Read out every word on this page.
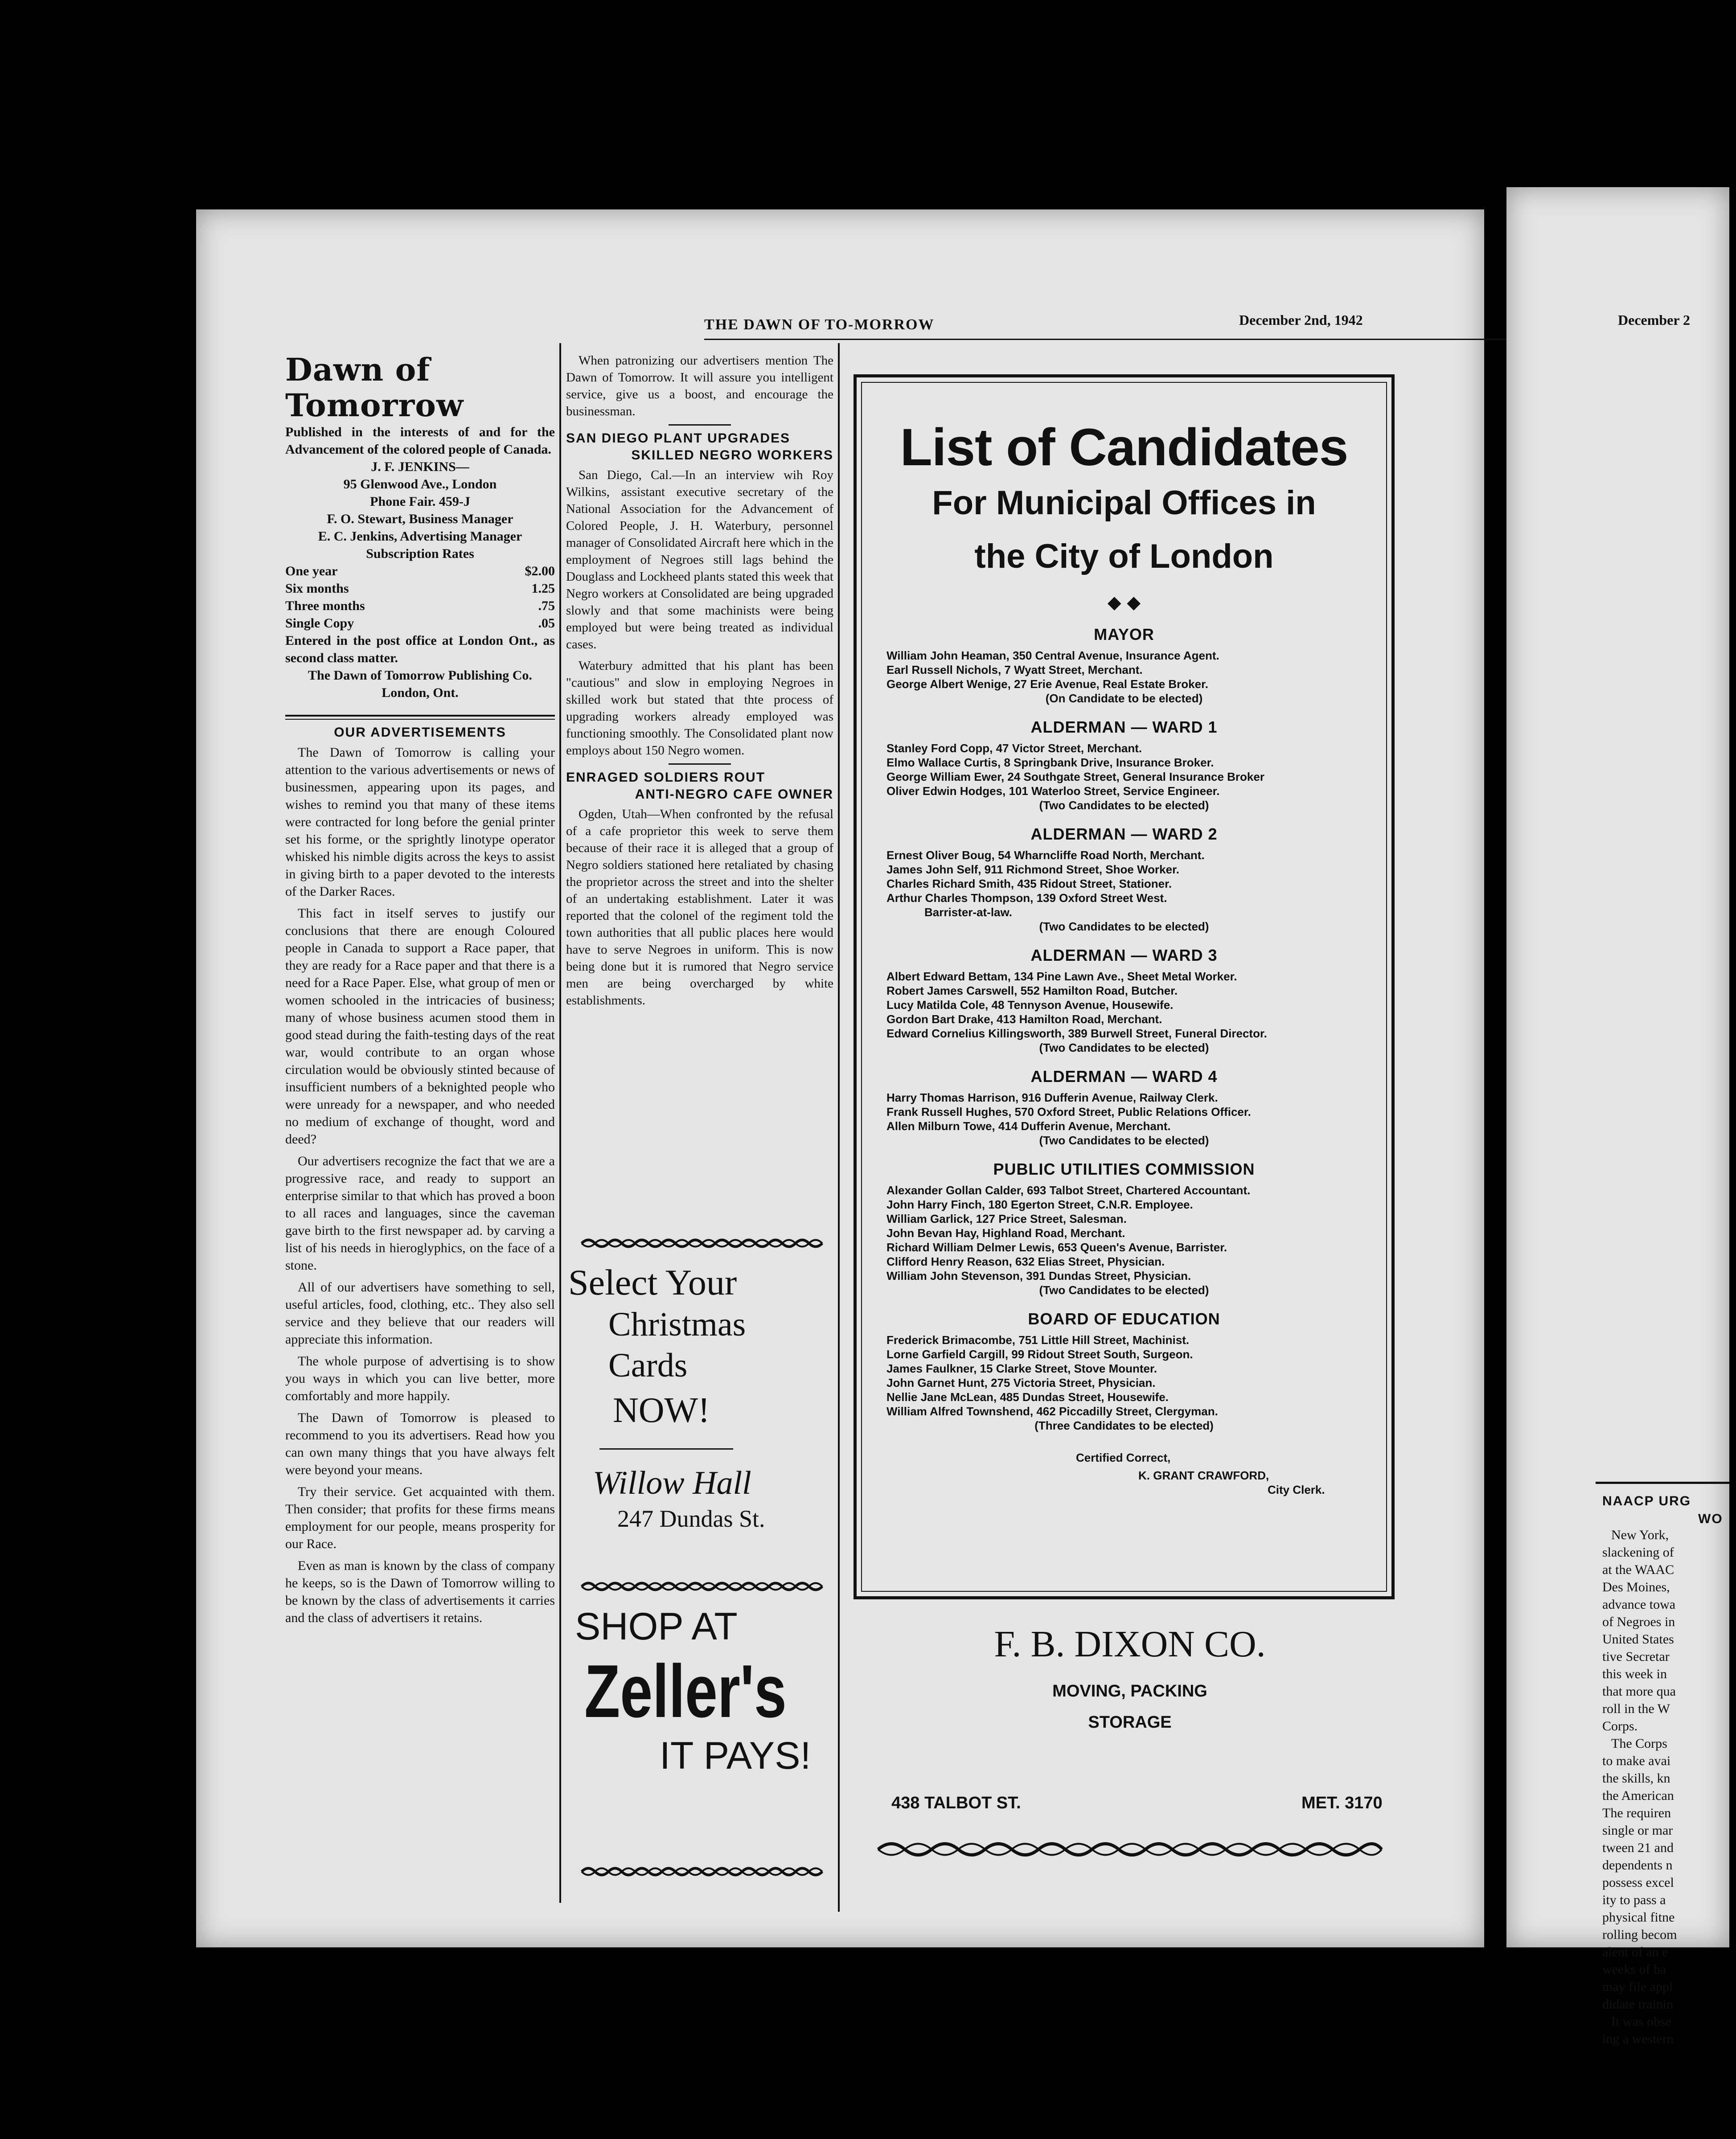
THE DAWN OF TO-MORROW	December 2nd, 1942
Dawn of Tomorrow

Published in the interests of and for the Advancement of the colored people of Canada.

J. F. JENKINS—

95 Glenwood Ave., London

Phone Fair. 459-J

F. O. Stewart, Business Manager

E. C. Jenkins, Advertising Manager

Subscription Rates

One year	$2.00
Six months	1.25
Three months	.75
Single Copy	.05

Entered in the post office at London Ont., as second class matter.

The Dawn of Tomorrow Publishing Co.

London, Ont.

OUR ADVERTISEMENTS

The Dawn of Tomorrow is calling your attention to the various advertisements or news of businessmen, appearing upon its pages, and wishes to remind you that many of these items were contracted for long before the genial printer set his forme, or the sprightly linotype operator whisked his nimble digits across the keys to assist in giving birth to a paper devoted to the interests of the Darker Races.

This fact in itself serves to justify our conclusions that there are enough Coloured people in Canada to support a Race paper, that they are ready for a Race paper and that there is a need for a Race Paper. Else, what group of men or women schooled in the intricacies of business; many of whose business acumen stood them in good stead during the faith-testing days of the reat war, would contribute to an organ whose circulation would be obviously stinted because of insufficient numbers of a beknighted people who were unready for a newspaper, and who needed no medium of exchange of thought, word and deed?

Our advertisers recognize the fact that we are a progressive race, and ready to support an enterprise similar to that which has proved a boon to all races and languages, since the caveman gave birth to the first newspaper ad. by carving a list of his needs in hieroglyphics, on the face of a stone.

All of our advertisers have something to sell, useful articles, food, clothing, etc.. They also sell service and they believe that our readers will appreciate this information.

The whole purpose of advertising is to show you ways in which you can live better, more comfortably and more happily.

The Dawn of Tomorrow is pleased to recommend to you its advertisers. Read how you can own many things that you have always felt were beyond your means.

Try their service. Get acquainted with them. Then consider; that profits for these firms means employment for our people, means prosperity for our Race.

Even as man is known by the class of company he keeps, so is the Dawn of Tomorrow willing to be known by the class of advertisements it carries and the class of advertisers it retains.

When patronizing our advertisers mention The Dawn of Tomorrow. It will assure you intelligent service, give us a boost, and encourage the businessman.

SAN DIEGO PLANT UPGRADES
SKILLED NEGRO WORKERS

San Diego, Cal.—In an interview wih Roy Wilkins, assistant executive secretary of the National Association for the Advancement of Colored People, J. H. Waterbury, personnel manager of Consolidated Aircraft here which in the employment of Negroes still lags behind the Douglass and Lockheed plants stated this week that Negro workers at Consolidated are being upgraded slowly and that some machinists were being employed but were being treated as individual cases.

Waterbury admitted that his plant has been "cautious" and slow in employing Negroes in skilled work but stated that thte process of upgrading workers already employed was functioning smoothly. The Consolidated plant now employs about 150 Negro women.

ENRAGED SOLDIERS ROUT
ANTI-NEGRO CAFE OWNER

Ogden, Utah—When confronted by the refusal of a cafe proprietor this week to serve them because of their race it is alleged that a group of Negro soldiers stationed here retaliated by chasing the proprietor across the street and into the shelter of an undertaking establishment. Later it was reported that the colonel of the regiment told the town authorities that all public places here would have to serve Negroes in uniform. This is now being done but it is rumored that Negro service men are being overcharged by white establishments.

Select Your
Christmas
Cards
NOW!
Willow Hall
247 Dundas St.
SHOP AT
Zeller's
IT PAYS!
F. B. DIXON CO.
MOVING, PACKING
STORAGE
438 TALBOT ST.	MET. 3170
List of Candidates
For Municipal Offices in
the City of London
◆ ◆
MAYOR
William John Heaman, 350 Central Avenue, Insurance Agent.
Earl Russell Nichols, 7 Wyatt Street, Merchant.
George Albert Wenige, 27 Erie Avenue, Real Estate Broker.
(On Candidate to be elected)
ALDERMAN — WARD 1
Stanley Ford Copp, 47 Victor Street, Merchant.
Elmo Wallace Curtis, 8 Springbank Drive, Insurance Broker.
George William Ewer, 24 Southgate Street, General Insurance Broker
Oliver Edwin Hodges, 101 Waterloo Street, Service Engineer.
(Two Candidates to be elected)
ALDERMAN — WARD 2
Ernest Oliver Boug, 54 Wharncliffe Road North, Merchant.
James John Self, 911 Richmond Street, Shoe Worker.
Charles Richard Smith, 435 Ridout Street, Stationer.
Arthur Charles Thompson, 139 Oxford Street West.
Barrister-at-law.
(Two Candidates to be elected)
ALDERMAN — WARD 3
Albert Edward Bettam, 134 Pine Lawn Ave., Sheet Metal Worker.
Robert James Carswell, 552 Hamilton Road, Butcher.
Lucy Matilda Cole, 48 Tennyson Avenue, Housewife.
Gordon Bart Drake, 413 Hamilton Road, Merchant.
Edward Cornelius Killingsworth, 389 Burwell Street, Funeral Director.
(Two Candidates to be elected)
ALDERMAN — WARD 4
Harry Thomas Harrison, 916 Dufferin Avenue, Railway Clerk.
Frank Russell Hughes, 570 Oxford Street, Public Relations Officer.
Allen Milburn Towe, 414 Dufferin Avenue, Merchant.
(Two Candidates to be elected)
PUBLIC UTILITIES COMMISSION
Alexander Gollan Calder, 693 Talbot Street, Chartered Accountant.
John Harry Finch, 180 Egerton Street, C.N.R. Employee.
William Garlick, 127 Price Street, Salesman.
John Bevan Hay, Highland Road, Merchant.
Richard William Delmer Lewis, 653 Queen's Avenue, Barrister.
Clifford Henry Reason, 632 Elias Street, Physician.
William John Stevenson, 391 Dundas Street, Physician.
(Two Candidates to be elected)
BOARD OF EDUCATION
Frederick Brimacombe, 751 Little Hill Street, Machinist.
Lorne Garfield Cargill, 99 Ridout Street South, Surgeon.
James Faulkner, 15 Clarke Street, Stove Mounter.
John Garnet Hunt, 275 Victoria Street, Physician.
Nellie Jane McLean, 485 Dundas Street, Housewife.
William Alfred Townshend, 462 Piccadilly Street, Clergyman.
(Three Candidates to be elected)
Certified Correct,
K. GRANT CRAWFORD,
City Clerk.
December 2
NAACP URG
WO
New York,
slackening of
at the WAAC
Des Moines,
advance towa
of Negroes in
United States
tive Secretar
this week in
that more qua
roll in the W
Corps.
The Corps
to make avai
the skills, kn
the American
The requiren
single or mar
tween 21 and
dependents n
possess excel
ity to pass a
physical fitne
rolling becom
alent of an e
weeks of ba
may file appl
didate trainin
It was obse
ing a western
